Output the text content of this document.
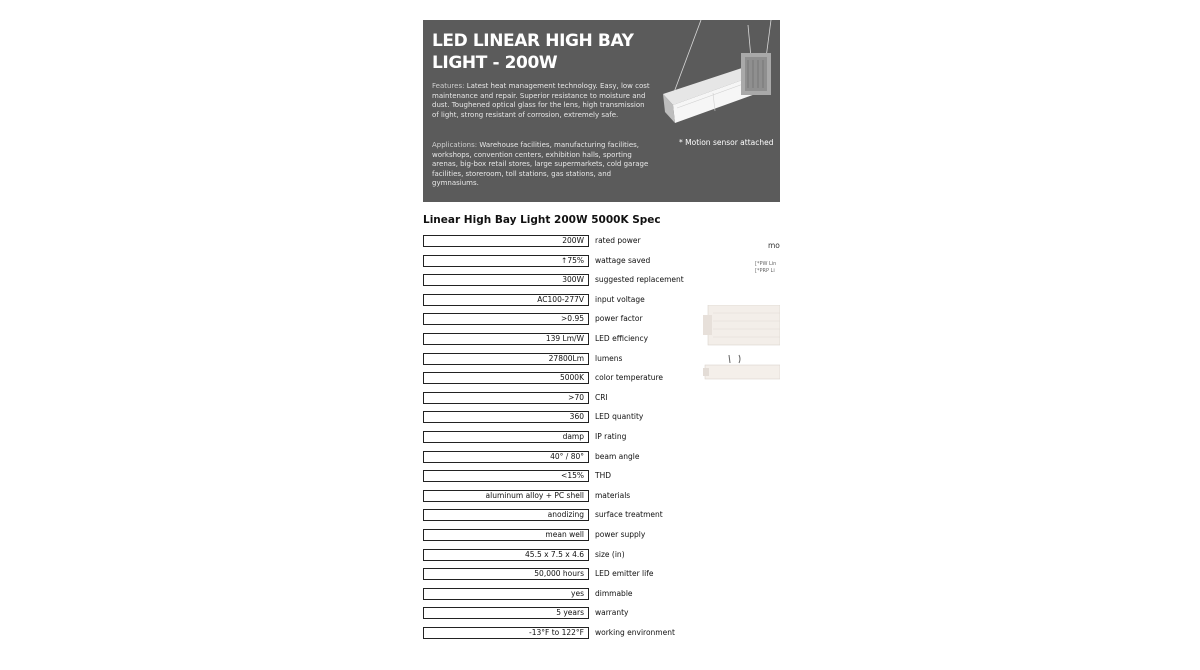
LED LINEAR HIGH BAY
LIGHT - 200W
Features: Latest heat management technology. Easy, low cost maintenance and repair. Superior resistance to moisture and dust. Toughened optical glass for the lens, high transmission of light, strong resistant of corrosion, extremely safe.
Applications: Warehouse facilities, manufacturing facilities, workshops, convention centers, exhibition halls, sporting arenas, big-box retail stores, large supermarkets, cold garage facilities, storeroom, toll stations, gas stations, and gymnasiums.
* Motion sensor attached
Linear High Bay Light 200W 5000K Spec
200W	rated power
↑75%	wattage saved
300W	suggested replacement
AC100-277V	input voltage
>0.95	power factor
139 Lm/W	LED efficiency
27800Lm	lumens
5000K	color temperature
>70	CRI
360	LED quantity
damp	IP rating
40° / 80°	beam angle
<15%	THD
aluminum alloy + PC shell	materials
anodizing	surface treatment
mean well	power supply
45.5 x 7.5 x 4.6	size (in)
50,000 hours	LED emitter life
yes	dimmable
5 years	warranty
-13°F to 122°F	working environment
mo
[*PW Lin
[*PRP Li
